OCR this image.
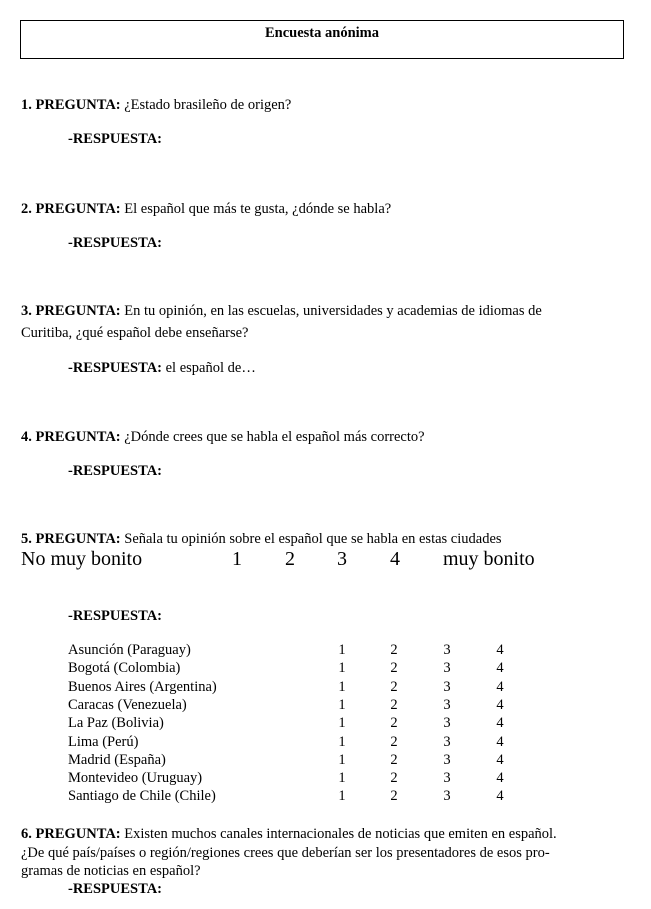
Encuesta anónima
1. PREGUNTA: ¿Estado brasileño de origen?
-RESPUESTA:
2. PREGUNTA: El español que más te gusta, ¿dónde se habla?
-RESPUESTA:
3. PREGUNTA: En tu opinión, en las escuelas, universidades y academias de idiomas de
Curitiba, ¿qué español debe enseñarse?
-RESPUESTA: el español de…
4. PREGUNTA: ¿Dónde crees que se habla el español más correcto?
-RESPUESTA:
5. PREGUNTA: Señala tu opinión sobre el español que se habla en estas ciudades
No muy bonito	1 2 3 4 muy bonito
-RESPUESTA:
Asunción (Paraguay)	1	2	3	4
Bogotá (Colombia)	1	2	3	4
Buenos Aires (Argentina)	1	2	3	4
Caracas (Venezuela)	1	2	3	4
La Paz (Bolivia)	1	2	3	4
Lima (Perú)	1	2	3	4
Madrid (España)	1	2	3	4
Montevideo (Uruguay)	1	2	3	4
Santiago de Chile (Chile)	1	2	3	4
6. PREGUNTA: Existen muchos canales internacionales de noticias que emiten en español.
¿De qué país/países o región/regiones crees que deberían ser los presentadores de esos pro-
gramas de noticias en español?
-RESPUESTA:
